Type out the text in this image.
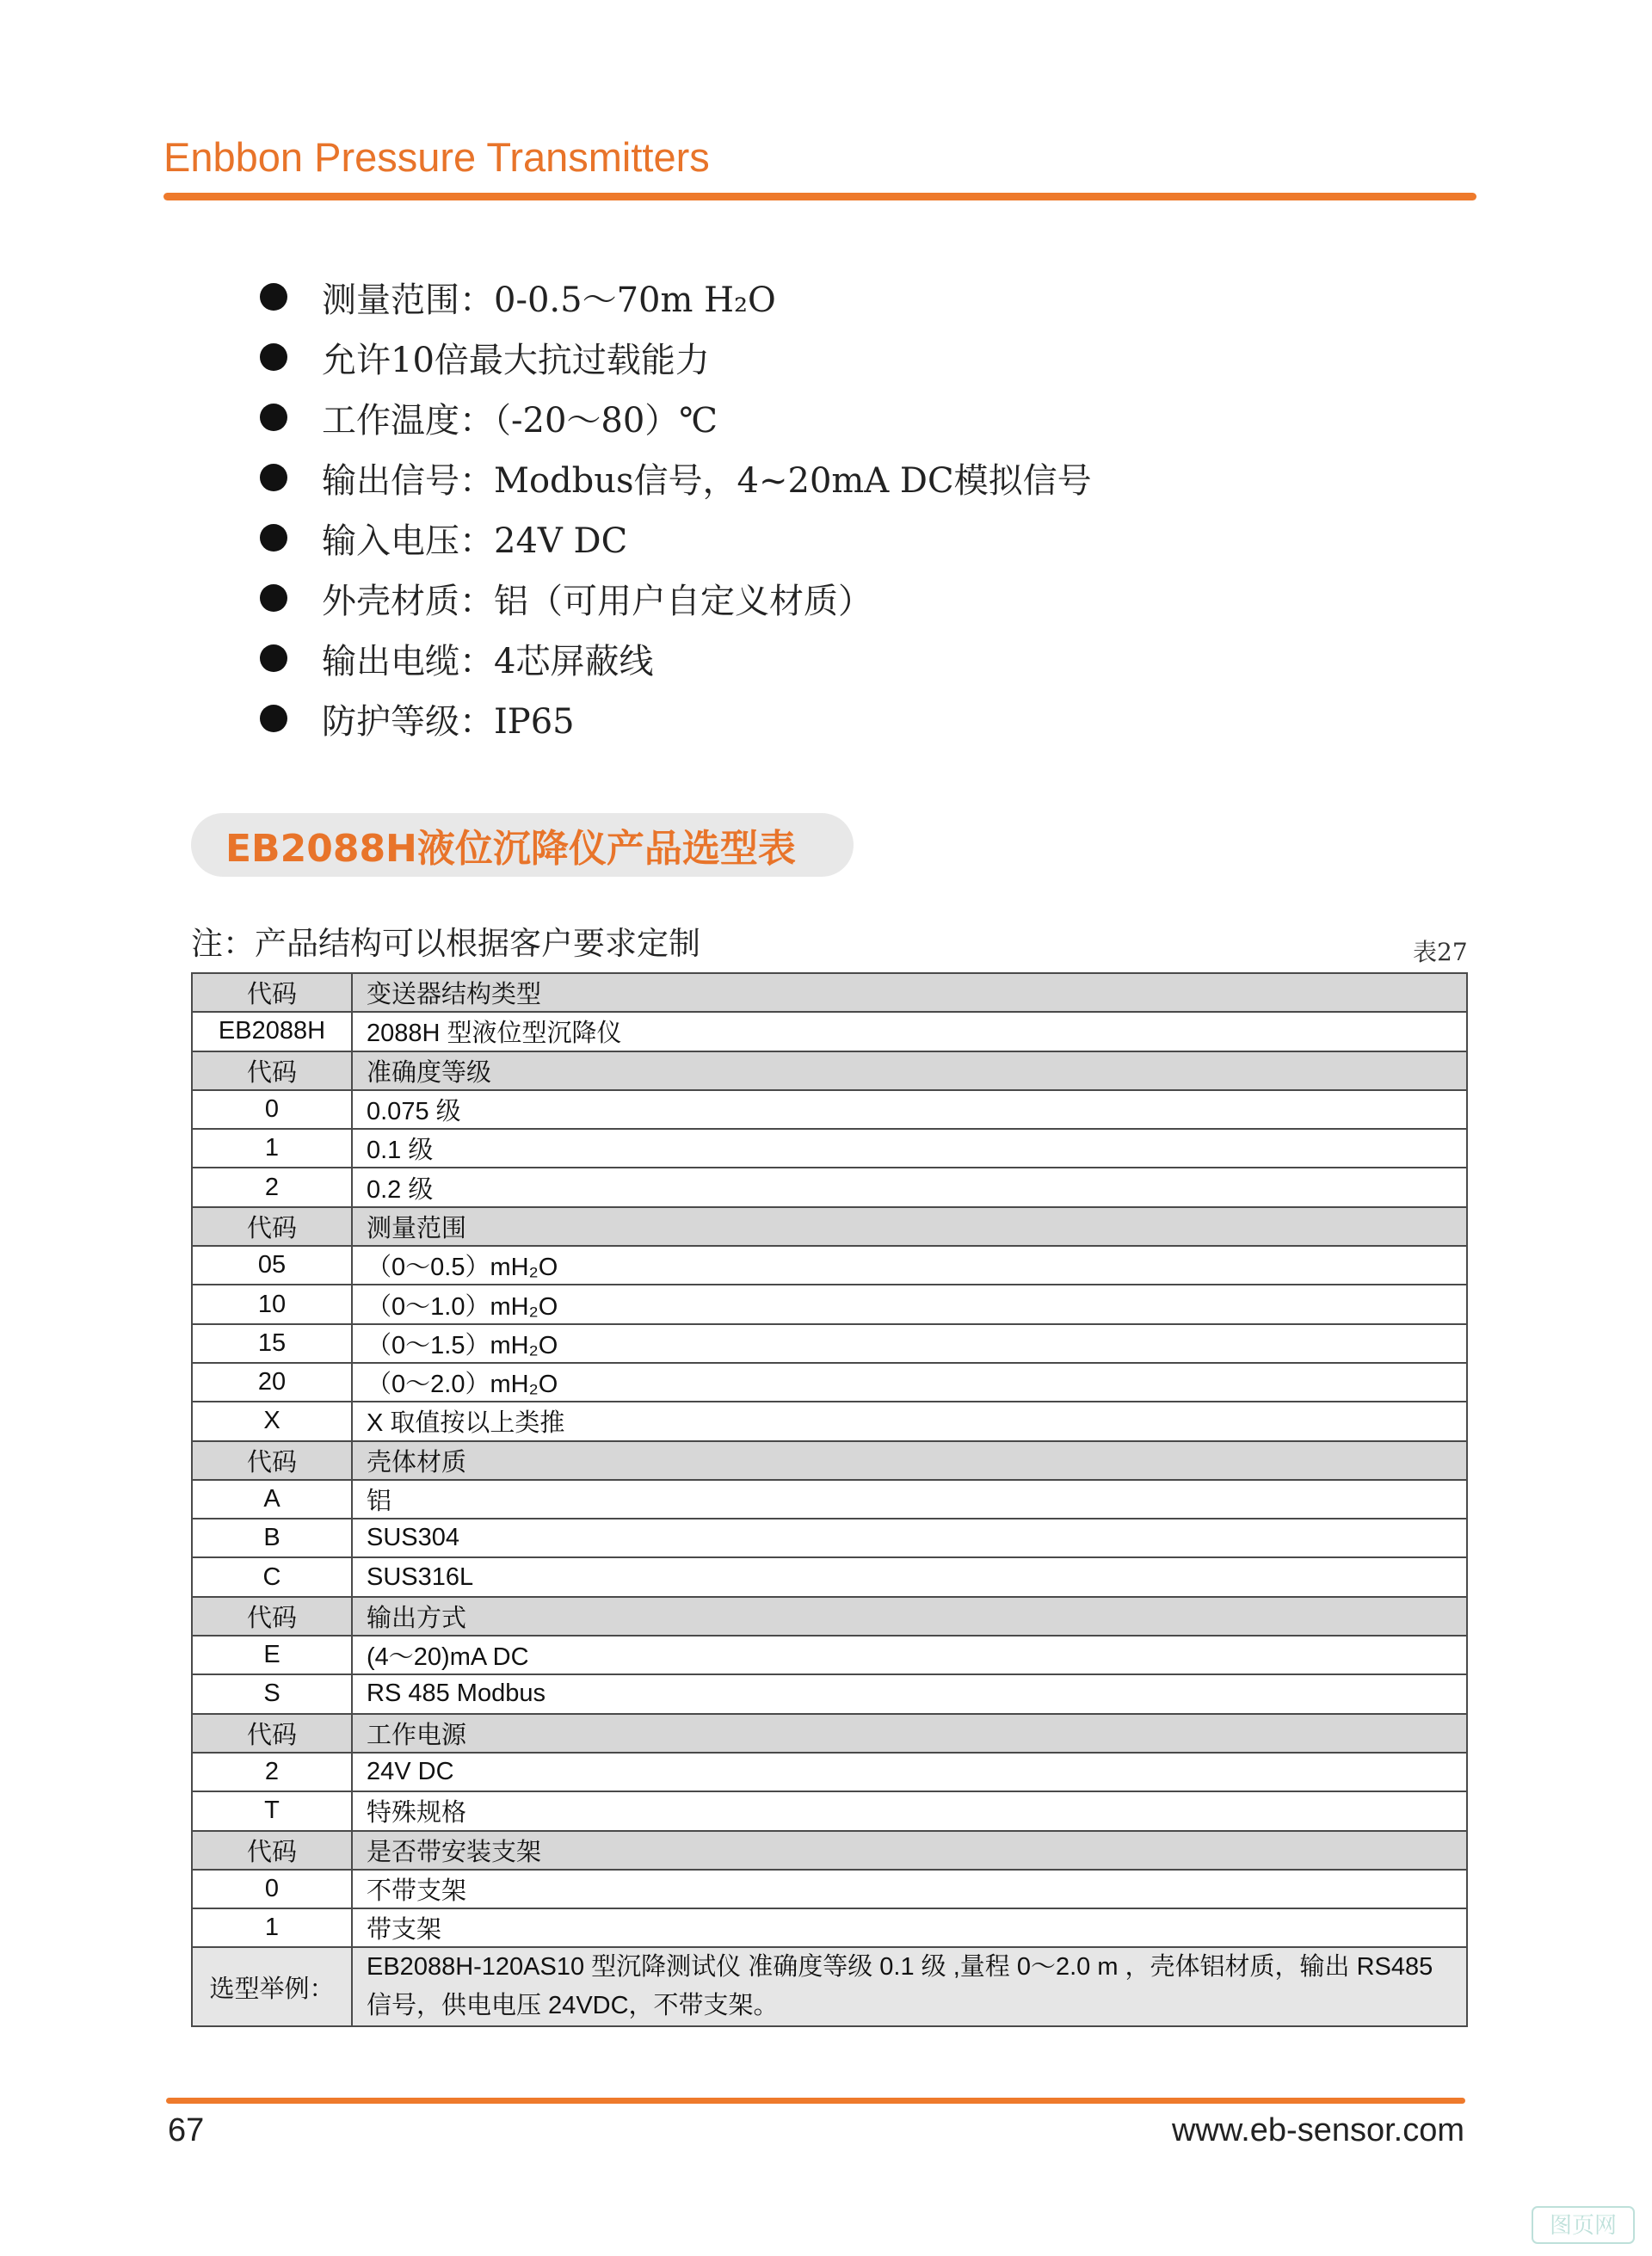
Enbbon Pressure Transmitters
测量范围：0-0.5～70m H₂O
允许10倍最大抗过载能力
工作温度：（-20～80）℃
输出信号：Modbus信号，4~20mA DC模拟信号
输入电压：24V DC
外壳材质：铝（可用户自定义材质）
输出电缆：4芯屏蔽线
防护等级：IP65
EB2088H液位沉降仪产品选型表
注：产品结构可以根据客户要求定制	表27
代码	变送器结构类型
EB2088H	2088H 型液位型沉降仪
代码	准确度等级
0	0.075 级
1	0.1 级
2	0.2 级
代码	测量范围
05	（0～0.5）mH₂O
10	（0～1.0）mH₂O
15	（0～1.5）mH₂O
20	（0～2.0）mH₂O
X	X 取值按以上类推
代码	壳体材质
A	铝
B	SUS304
C	SUS316L
代码	输出方式
E	(4～20)mA DC
S	RS 485 Modbus
代码	工作电源
2	24V DC
T	特殊规格
代码	是否带安装支架
0	不带支架
1	带支架
选型举例：	EB2088H-120AS10 型沉降测试仪 准确度等级 0.1 级 ,量程 0～2.0 m ，壳体铝材质，输出 RS485 信号，供电电压 24VDC，不带支架。
67	www.eb-sensor.com
图页网
